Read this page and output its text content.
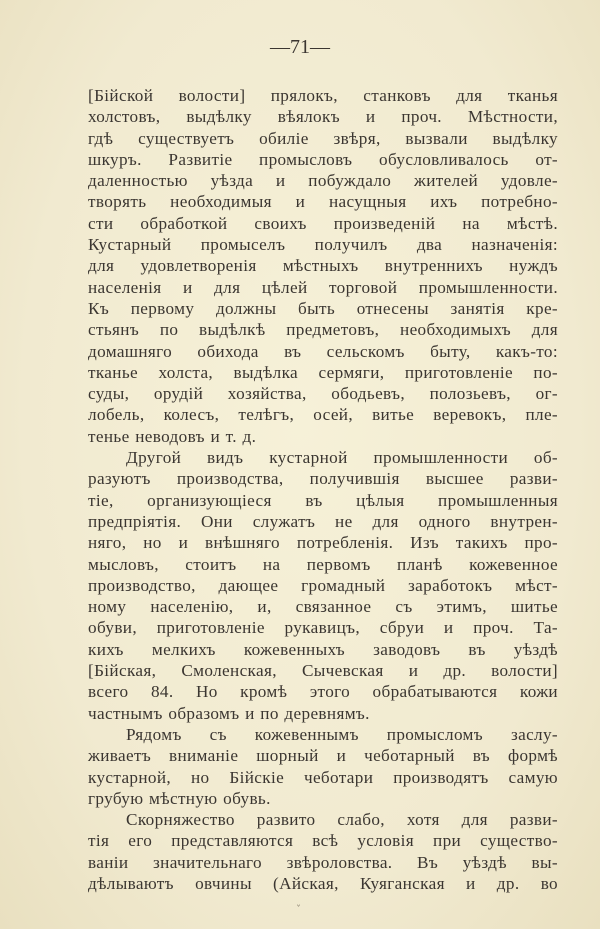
—71—
[Бійской волости] прялокъ, станковъ для тканья
холстовъ, выдѣлку вѣялокъ и проч. Мѣстности,
гдѣ существуетъ обиліе звѣря, вызвали выдѣлку
шкуръ. Развитіе промысловъ обусловливалось от-
даленностью уѣзда и побуждало жителей удовле-
творять необходимыя и насущныя ихъ потребно-
сти обработкой своихъ произведеній на мѣстѣ.
Кустарный промыселъ получилъ два назначенія:
для удовлетворенія мѣстныхъ внутреннихъ нуждъ
населенія и для цѣлей торговой промышленности.
Къ первому должны быть отнесены занятія кре-
стьянъ по выдѣлкѣ предметовъ, необходимыхъ для
домашняго обихода въ сельскомъ быту, какъ-то:
тканье холста, выдѣлка сермяги, приготовленіе по-
суды, орудій хозяйства, ободьевъ, полозьевъ, ог-
лобель, колесъ, телѣгъ, осей, витье веревокъ, пле-
тенье неводовъ и т. д.
Другой видъ кустарной промышленности об-
разуютъ производства, получившія высшее разви-
тіе, организующіеся въ цѣлыя промышленныя
предпріятія. Они служатъ не для одного внутрен-
няго, но и внѣшняго потребленія. Изъ такихъ про-
мысловъ, стоитъ на первомъ планѣ кожевенное
производство, дающее громадный заработокъ мѣст-
ному населенію, и, связанное съ этимъ, шитье
обуви, приготовленіе рукавицъ, сбруи и проч. Та-
кихъ мелкихъ кожевенныхъ заводовъ въ уѣздѣ
[Бійская, Смоленская, Сычевская и др. волости]
всего 84. Но кромѣ этого обрабатываются кожи
частнымъ образомъ и по деревнямъ.
Рядомъ съ кожевеннымъ промысломъ заслу-
живаетъ вниманіе шорный и чеботарный въ формѣ
кустарной, но Бійскіе чеботари производятъ самую
грубую мѣстную обувь.
Скорняжество развито слабо, хотя для разви-
тія его представляются всѣ условія при существо-
ваніи значительнаго звѣроловства. Въ уѣздѣ вы-
дѣлываютъ овчины (Айская, Куяганская и др. во
ˇ
